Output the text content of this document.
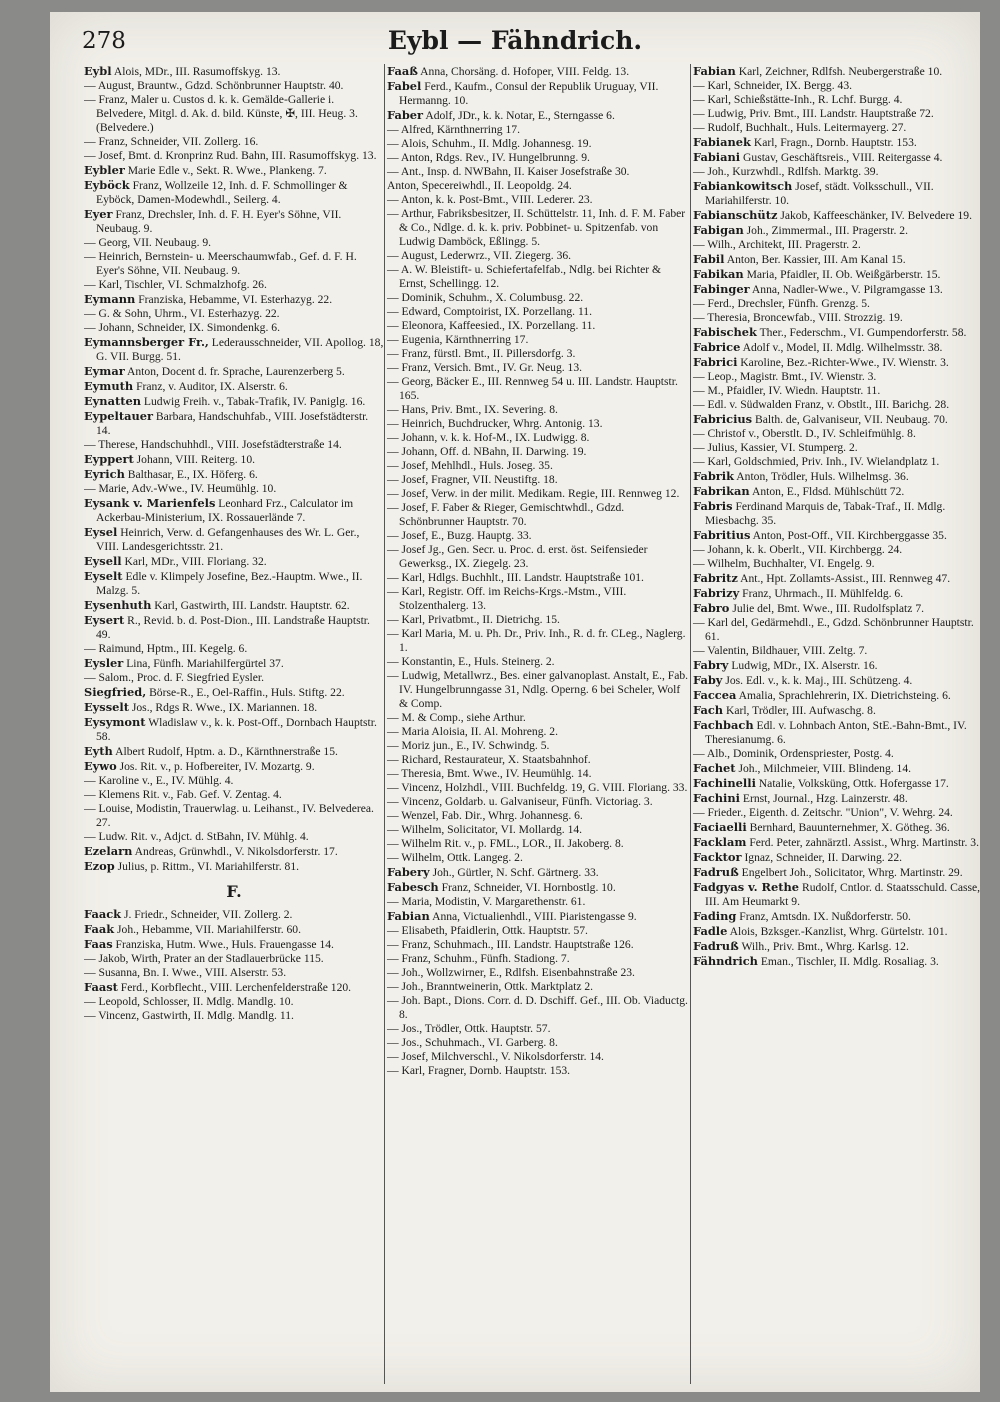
278	Eybl — Fähndrich.
Eybl Alois, MDr., III. Rasumoffskyg. 13.
— August, Brauntw., Gdzd. Schönbrunner Hauptstr. 40.
— Franz, Maler u. Custos d. k. k. Gemälde-Gallerie i. Belvedere, Mitgl. d. Ak. d. bild. Künste, ✠, III. Heug. 3. (Belvedere.)
— Franz, Schneider, VII. Zollerg. 16.
— Josef, Bmt. d. Kronprinz Rud. Bahn, III. Rasumoffskyg. 13.
Eybler Marie Edle v., Sekt. R. Wwe., Plankeng. 7.
Eyböck Franz, Wollzeile 12, Inh. d. F. Schmollinger & Eyböck, Damen-Modewhdl., Seilerg. 4.
Eyer Franz, Drechsler, Inh. d. F. H. Eyer's Söhne, VII. Neubaug. 9.
— Georg, VII. Neubaug. 9.
— Heinrich, Bernstein- u. Meerschaumwfab., Gef. d. F. H. Eyer's Söhne, VII. Neubaug. 9.
— Karl, Tischler, VI. Schmalzhofg. 26.
Eymann Franziska, Hebamme, VI. Esterhazyg. 22.
— G. & Sohn, Uhrm., VI. Esterhazyg. 22.
— Johann, Schneider, IX. Simondenkg. 6.
Eymannsberger Fr., Lederausschneider, VII. Apollog. 18, G. VII. Burgg. 51.
Eymar Anton, Docent d. fr. Sprache, Laurenzerberg 5.
Eymuth Franz, v. Auditor, IX. Alserstr. 6.
Eynatten Ludwig Freih. v., Tabak-Trafik, IV. Paniglg. 16.
Eypeltauer Barbara, Handschuhfab., VIII. Josefstädterstr. 14.
— Therese, Handschuhhdl., VIII. Josefstädterstraße 14.
Eyppert Johann, VIII. Reiterg. 10.
Eyrich Balthasar, E., IX. Höferg. 6.
— Marie, Adv.-Wwe., IV. Heumühlg. 10.
Eysank v. Marienfels Leonhard Frz., Calculator im Ackerbau-Ministerium, IX. Rossauerlände 7.
Eysel Heinrich, Verw. d. Gefangenhauses des Wr. L. Ger., VIII. Landesgerichtsstr. 21.
Eysell Karl, MDr., VIII. Floriang. 32.
Eyselt Edle v. Klimpely Josefine, Bez.-Hauptm. Wwe., II. Malzg. 5.
Eysenhuth Karl, Gastwirth, III. Landstr. Hauptstr. 62.
Eysert R., Revid. b. d. Post-Dion., III. Landstraße Hauptstr. 49.
— Raimund, Hptm., III. Kegelg. 6.
Eysler Lina, Fünfh. Mariahilfergürtel 37.
— Salom., Proc. d. F. Siegfried Eysler.
Siegfried, Börse-R., E., Oel-Raffin., Huls. Stiftg. 22.
Eysselt Jos., Rdgs R. Wwe., IX. Mariannen. 18.
Eysymont Wladislaw v., k. k. Post-Off., Dornbach Hauptstr. 58.
Eyth Albert Rudolf, Hptm. a. D., Kärnthnerstraße 15.
Eywo Jos. Rit. v., p. Hofbereiter, IV. Mozartg. 9.
— Karoline v., E., IV. Mühlg. 4.
— Klemens Rit. v., Fab. Gef. V. Zentag. 4.
— Louise, Modistin, Trauerwlag. u. Leihanst., IV. Belvederea. 27.
— Ludw. Rit. v., Adjct. d. StBahn, IV. Mühlg. 4.
Ezelarn Andreas, Grünwhdl., V. Nikolsdorferstr. 17.
Ezop Julius, p. Rittm., VI. Mariahilferstr. 81.
F.
Faack J. Friedr., Schneider, VII. Zollerg. 2.
Faak Joh., Hebamme, VII. Mariahilferstr. 60.
Faas Franziska, Hutm. Wwe., Huls. Frauengasse 14.
— Jakob, Wirth, Prater an der Stadlauerbrücke 115.
— Susanna, Bn. I. Wwe., VIII. Alserstr. 53.
Faast Ferd., Korbflecht., VIII. Lerchenfelderstraße 120.
— Leopold, Schlosser, II. Mdlg. Mandlg. 10.
— Vincenz, Gastwirth, II. Mdlg. Mandlg. 11.
Faaß Anna, Chorsäng. d. Hofoper, VIII. Feldg. 13.
Fabel Ferd., Kaufm., Consul der Republik Uruguay, VII. Hermanng. 10.
Faber Adolf, JDr., k. k. Notar, E., Sterngasse 6.
— Alfred, Kärnthnerring 17.
— Alois, Schuhm., II. Mdlg. Johannesg. 19.
— Anton, Rdgs. Rev., IV. Hungelbrunng. 9.
— Ant., Insp. d. NWBahn, II. Kaiser Josefstraße 30.
Anton, Specereiwhdl., II. Leopoldg. 24.
— Anton, k. k. Post-Bmt., VIII. Lederer. 23.
— Arthur, Fabriksbesitzer, II. Schüttelstr. 11, Inh. d. F. M. Faber & Co., Ndlge. d. k. k. priv. Pobbinet- u. Spitzenfab. von Ludwig Damböck, Eßlingg. 5.
— August, Lederwrz., VII. Ziegerg. 36.
— A. W. Bleistift- u. Schiefertafelfab., Ndlg. bei Richter & Ernst, Schellingg. 12.
— Dominik, Schuhm., X. Columbusg. 22.
— Edward, Comptoirist, IX. Porzellang. 11.
— Eleonora, Kaffeesied., IX. Porzellang. 11.
— Eugenia, Kärnthnerring 17.
— Franz, fürstl. Bmt., II. Pillersdorfg. 3.
— Franz, Versich. Bmt., IV. Gr. Neug. 13.
— Georg, Bäcker E., III. Rennweg 54 u. III. Landstr. Hauptstr. 165.
— Hans, Priv. Bmt., IX. Severing. 8.
— Heinrich, Buchdrucker, Whrg. Antonig. 13.
— Johann, v. k. k. Hof-M., IX. Ludwigg. 8.
— Johann, Off. d. NBahn, II. Darwing. 19.
— Josef, Mehlhdl., Huls. Joseg. 35.
— Josef, Fragner, VII. Neustiftg. 18.
— Josef, Verw. in der milit. Medikam. Regie, III. Rennweg 12.
— Josef, F. Faber & Rieger, Gemischtwhdl., Gdzd. Schönbrunner Hauptstr. 70.
— Josef, E., Buzg. Hauptg. 33.
— Josef Jg., Gen. Secr. u. Proc. d. erst. öst. Seifensieder Gewerksg., IX. Ziegelg. 23.
— Karl, Hdlgs. Buchhlt., III. Landstr. Hauptstraße 101.
— Karl, Registr. Off. im Reichs-Krgs.-Mstm., VIII. Stolzenthalerg. 13.
— Karl, Privatbmt., II. Dietrichg. 15.
— Karl Maria, M. u. Ph. Dr., Priv. Inh., R. d. fr. CLeg., Naglerg. 1.
— Konstantin, E., Huls. Steinerg. 2.
— Ludwig, Metallwrz., Bes. einer galvanoplast. Anstalt, E., Fab. IV. Hungelbrunngasse 31, Ndlg. Operng. 6 bei Scheler, Wolf & Comp.
— M. & Comp., siehe Arthur.
— Maria Aloisia, II. Al. Mohreng. 2.
— Moriz jun., E., IV. Schwindg. 5.
— Richard, Restaurateur, X. Staatsbahnhof.
— Theresia, Bmt. Wwe., IV. Heumühlg. 14.
— Vincenz, Holzhdl., VIII. Buchfeldg. 19, G. VIII. Floriang. 33.
— Vincenz, Goldarb. u. Galvaniseur, Fünfh. Victoriag. 3.
— Wenzel, Fab. Dir., Whrg. Johannesg. 6.
— Wilhelm, Solicitator, VI. Mollardg. 14.
— Wilhelm Rit. v., p. FML., LOR., II. Jakoberg. 8.
— Wilhelm, Ottk. Langeg. 2.
Fabery Joh., Gürtler, N. Schf. Gärtnerg. 33.
Fabesch Franz, Schneider, VI. Hornbostlg. 10.
— Maria, Modistin, V. Margarethenstr. 61.
Fabian Anna, Victualienhdl., VIII. Piaristengasse 9.
— Elisabeth, Pfaidlerin, Ottk. Hauptstr. 57.
— Franz, Schuhmach., III. Landstr. Hauptstraße 126.
— Franz, Schuhm., Fünfh. Stadiong. 7.
— Joh., Wollzwirner, E., Rdlfsh. Eisenbahnstraße 23.
— Joh., Branntweinerin, Ottk. Marktplatz 2.
— Joh. Bapt., Dions. Corr. d. D. Dschiff. Gef., III. Ob. Viaductg. 8.
— Jos., Trödler, Ottk. Hauptstr. 57.
— Jos., Schuhmach., VI. Garberg. 8.
— Josef, Milchverschl., V. Nikolsdorferstr. 14.
— Karl, Fragner, Dornb. Hauptstr. 153.
Fabian Karl, Zeichner, Rdlfsh. Neubergerstraße 10.
— Karl, Schneider, IX. Bergg. 43.
— Karl, Schießstätte-Inh., R. Lchf. Burgg. 4.
— Ludwig, Priv. Bmt., III. Landstr. Hauptstraße 72.
— Rudolf, Buchhalt., Huls. Leitermayerg. 27.
Fabianek Karl, Fragn., Dornb. Hauptstr. 153.
Fabiani Gustav, Geschäftsreis., VIII. Reitergasse 4.
— Joh., Kurzwhdl., Rdlfsh. Marktg. 39.
Fabiankowitsch Josef, städt. Volksschull., VII. Mariahilferstr. 10.
Fabianschütz Jakob, Kaffeeschänker, IV. Belvedere 19.
Fabigan Joh., Zimmermal., III. Pragerstr. 2.
— Wilh., Architekt, III. Pragerstr. 2.
Fabil Anton, Ber. Kassier, III. Am Kanal 15.
Fabikan Maria, Pfaidler, II. Ob. Weißgärberstr. 15.
Fabinger Anna, Nadler-Wwe., V. Pilgramgasse 13.
— Ferd., Drechsler, Fünfh. Grenzg. 5.
— Theresia, Broncewfab., VIII. Strozzig. 19.
Fabischek Ther., Federschm., VI. Gumpendorferstr. 58.
Fabrice Adolf v., Model, II. Mdlg. Wilhelmsstr. 38.
Fabrici Karoline, Bez.-Richter-Wwe., IV. Wienstr. 3.
— Leop., Magistr. Bmt., IV. Wienstr. 3.
— M., Pfaidler, IV. Wiedn. Hauptstr. 11.
— Edl. v. Südwalden Franz, v. Obstlt., III. Barichg. 28.
Fabricius Balth. de, Galvaniseur, VII. Neubaug. 70.
— Christof v., Oberstlt. D., IV. Schleifmühlg. 8.
— Julius, Kassier, VI. Stumperg. 2.
— Karl, Goldschmied, Priv. Inh., IV. Wielandplatz 1.
Fabrik Anton, Trödler, Huls. Wilhelmsg. 36.
Fabrikan Anton, E., Fldsd. Mühlschütt 72.
Fabris Ferdinand Marquis de, Tabak-Traf., II. Mdlg. Miesbachg. 35.
Fabritius Anton, Post-Off., VII. Kirchberggasse 35.
— Johann, k. k. Oberlt., VII. Kirchbergg. 24.
— Wilhelm, Buchhalter, VI. Engelg. 9.
Fabritz Ant., Hpt. Zollamts-Assist., III. Rennweg 47.
Fabrizy Franz, Uhrmach., II. Mühlfeldg. 6.
Fabro Julie del, Bmt. Wwe., III. Rudolfsplatz 7.
— Karl del, Gedärmehdl., E., Gdzd. Schönbrunner Hauptstr. 61.
— Valentin, Bildhauer, VIII. Zeltg. 7.
Fabry Ludwig, MDr., IX. Alserstr. 16.
Faby Jos. Edl. v., k. k. Maj., III. Schützeng. 4.
Faccea Amalia, Sprachlehrerin, IX. Dietrichsteing. 6.
Fach Karl, Trödler, III. Aufwaschg. 8.
Fachbach Edl. v. Lohnbach Anton, StE.-Bahn-Bmt., IV. Theresianumg. 6.
— Alb., Dominik, Ordenspriester, Postg. 4.
Fachet Joh., Milchmeier, VIII. Blindeng. 14.
Fachinelli Natalie, Volksküng, Ottk. Hofergasse 17.
Fachini Ernst, Journal., Hzg. Lainzerstr. 48.
— Frieder., Eigenth. d. Zeitschr. "Union", V. Wehrg. 24.
Faciaelli Bernhard, Bauunternehmer, X. Götheg. 36.
Facklam Ferd. Peter, zahnärztl. Assist., Whrg. Martinstr. 3.
Facktor Ignaz, Schneider, II. Darwing. 22.
Fadruß Engelbert Joh., Solicitator, Whrg. Martinstr. 29.
Fadgyas v. Rethe Rudolf, Cntlor. d. Staatsschuld. Casse, III. Am Heumarkt 9.
Fading Franz, Amtsdn. IX. Nußdorferstr. 50.
Fadle Alois, Bzksger.-Kanzlist, Whrg. Gürtelstr. 101.
Fadruß Wilh., Priv. Bmt., Whrg. Karlsg. 12.
Fähndrich Eman., Tischler, II. Mdlg. Rosaliag. 3.
